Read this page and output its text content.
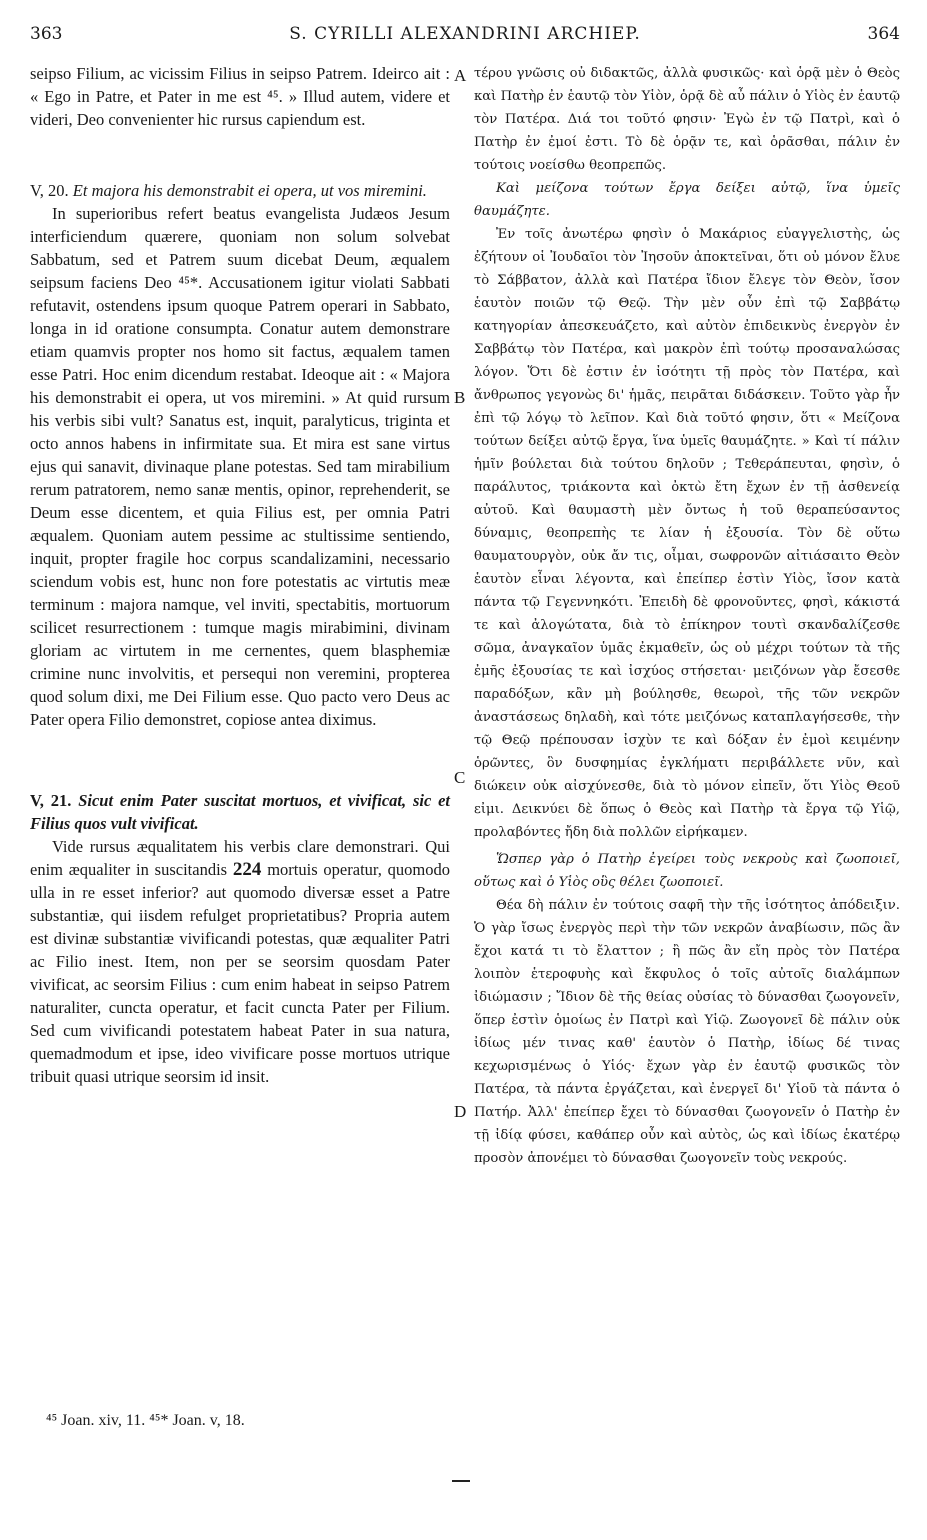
363	S. CYRILLI ALEXANDRINI ARCHIEP.	364

seipso Filium, ac vicissim Filius in seipso Patrem. Ideirco ait : « Ego in Patre, et Pater in me est ⁴⁵. » Illud autem, videre et videri, Deo convenienter hic rursus capiendum est.

V, 20. Et majora his demonstrabit ei opera, ut vos miremini.

In superioribus refert beatus evangelista Judæos Jesum interficiendum quærere, quoniam non solum solvebat Sabbatum, sed et Patrem suum dicebat Deum, æqualem seipsum faciens Deo ⁴⁵*. Accusationem igitur violati Sabbati refutavit, ostendens ipsum quoque Patrem operari in Sabbato, longa in id oratione consumpta. Conatur autem demonstrare etiam quamvis propter nos homo sit factus, æqualem tamen esse Patri. Hoc enim dicendum restabat. Ideoque ait : « Majora his demonstrabit ei opera, ut vos miremini. » At quid rursum his verbis sibi vult? Sanatus est, inquit, paralyticus, triginta et octo annos habens in infirmitate sua. Et mira est sane virtus ejus qui sanavit, divinaque plane potestas. Sed tam mirabilium rerum patratorem, nemo sanæ mentis, opinor, reprehenderit, se Deum esse dicentem, et quia Filius est, per omnia Patri æqualem. Quoniam autem pessime ac stultissime sentiendo, inquit, propter fragile hoc corpus scandalizamini, necessario sciendum vobis est, hunc non fore potestatis ac virtutis meæ terminum : majora namque, vel inviti, spectabitis, mortuorum scilicet resurrectionem : tumque magis mirabimini, divinam gloriam ac virtutem in me cernentes, quem blasphemiæ crimine nunc involvitis, et persequi non veremini, propterea quod solum dixi, me Dei Filium esse. Quo pacto vero Deus ac Pater opera Filio demonstret, copiose antea diximus.

V, 21. Sicut enim Pater suscitat mortuos, et vivificat, sic et Filius quos vult vivificat.

Vide rursus æqualitatem his verbis clare demonstrari. Qui enim æqualiter in suscitandis 224 mortuis operatur, quomodo ulla in re esset inferior? aut quomodo diversæ esset a Patre substantiæ, qui iisdem refulget proprietatibus? Propria autem est divinæ substantiæ vivificandi potestas, quæ æqualiter Patri ac Filio inest. Item, non per se seorsim quosdam Pater vivificat, ac seorsim Filius : cum enim habeat in seipso Patrem naturaliter, cuncta operatur, et facit cuncta Pater per Filium. Sed cum vivificandi potestatem habeat Pater in sua natura, quemadmodum et ipse, ideo vivificare posse mortuos utrique tribuit quasi utrique seorsim id insit.

A
B
C
D

τέρου γνῶσις οὐ διδακτῶς, ἀλλὰ φυσικῶς· καὶ ὁρᾷ μὲν ὁ Θεὸς καὶ Πατὴρ ἐν ἑαυτῷ τὸν Υἱὸν, ὁρᾷ δὲ αὖ πάλιν ὁ Υἱὸς ἐν ἑαυτῷ τὸν Πατέρα. Διά τοι τοῦτό φησιν· Ἐγὼ ἐν τῷ Πατρὶ, καὶ ὁ Πατὴρ ἐν ἐμοί ἐστι. Τὸ δὲ ὁρᾷν τε, καὶ ὁρᾶσθαι, πάλιν ἐν τούτοις νοείσθω θεοπρεπῶς.

Καὶ μείζονα τούτων ἔργα δείξει αὐτῷ, ἵνα ὑμεῖς θαυμάζητε.

Ἐν τοῖς ἀνωτέρω φησὶν ὁ Μακάριος εὐαγγελιστὴς, ὡς ἐζήτουν οἱ Ἰουδαῖοι τὸν Ἰησοῦν ἀποκτεῖναι, ὅτι οὐ μόνον ἔλυε τὸ Σάββατον, ἀλλὰ καὶ Πατέρα ἴδιον ἔλεγε τὸν Θεὸν, ἴσον ἑαυτὸν ποιῶν τῷ Θεῷ. Τὴν μὲν οὖν ἐπὶ τῷ Σαββάτῳ κατηγορίαν ἀπεσκευάζετο, καὶ αὐτὸν ἐπιδεικνὺς ἐνεργὸν ἐν Σαββάτῳ τὸν Πατέρα, καὶ μακρὸν ἐπὶ τούτῳ προσαναλώσας λόγον. Ὅτι δὲ ἐστιν ἐν ἰσότητι τῇ πρὸς τὸν Πατέρα, καὶ ἄνθρωπος γεγονὼς δι' ἡμᾶς, πειρᾶται διδάσκειν. Τοῦτο γὰρ ἦν ἐπὶ τῷ λόγῳ τὸ λεῖπον. Καὶ διὰ τοῦτό φησιν, ὅτι « Μείζονα τούτων δείξει αὐτῷ ἔργα, ἵνα ὑμεῖς θαυμάζητε. » Καὶ τί πάλιν ἡμῖν βούλεται διὰ τούτου δηλοῦν ; Τεθεράπευται, φησὶν, ὁ παράλυτος, τριάκοντα καὶ ὀκτὼ ἔτη ἔχων ἐν τῇ ἀσθενείᾳ αὐτοῦ. Καὶ θαυμαστὴ μὲν ὄντως ἡ τοῦ θεραπεύσαντος δύναμις, θεοπρεπὴς τε λίαν ἡ ἐξουσία. Τὸν δὲ οὕτω θαυματουργὸν, οὐκ ἄν τις, οἶμαι, σωφρονῶν αἰτιάσαιτο Θεὸν ἑαυτὸν εἶναι λέγοντα, καὶ ἐπείπερ ἐστὶν Υἱὸς, ἴσον κατὰ πάντα τῷ Γεγεννηκότι. Ἐπειδὴ δὲ φρονοῦντες, φησὶ, κάκιστά τε καὶ ἀλογώτατα, διὰ τὸ ἐπίκηρον τουτὶ σκανδαλίζεσθε σῶμα, ἀναγκαῖον ὑμᾶς ἐκμαθεῖν, ὡς οὐ μέχρι τούτων τὰ τῆς ἐμῆς ἐξουσίας τε καὶ ἰσχύος στήσεται· μειζόνων γὰρ ἔσεσθε παραδόξων, κἂν μὴ βούλησθε, θεωροὶ, τῆς τῶν νεκρῶν ἀναστάσεως δηλαδὴ, καὶ τότε μειζόνως καταπλαγήσεσθε, τὴν τῷ Θεῷ πρέπουσαν ἰσχὺν τε καὶ δόξαν ἐν ἐμοὶ κειμένην ὁρῶντες, ὃν δυσφημίας ἐγκλήματι περιβάλλετε νῦν, καὶ διώκειν οὐκ αἰσχύνεσθε, διὰ τὸ μόνον εἰπεῖν, ὅτι Υἱὸς Θεοῦ εἰμι. Δεικνύει δὲ ὅπως ὁ Θεὸς καὶ Πατὴρ τὰ ἔργα τῷ Υἱῷ, προλαβόντες ἤδη διὰ πολλῶν εἰρήκαμεν.

Ὥσπερ γὰρ ὁ Πατὴρ ἐγείρει τοὺς νεκροὺς καὶ ζωοποιεῖ, οὕτως καὶ ὁ Υἱὸς οὓς θέλει ζωοποιεῖ.

Θέα δὴ πάλιν ἐν τούτοις σαφῆ τὴν τῆς ἰσότητος ἀπόδειξιν. Ὁ γὰρ ἴσως ἐνεργὸς περὶ τὴν τῶν νεκρῶν ἀναβίωσιν, πῶς ἂν ἔχοι κατά τι τὸ ἔλαττον ; ἢ πῶς ἂν εἴη πρὸς τὸν Πατέρα λοιπὸν ἑτεροφυὴς καὶ ἔκφυλος ὁ τοῖς αὐτοῖς διαλάμπων ἰδιώμασιν ; Ἴδιον δὲ τῆς θείας οὐσίας τὸ δύνασθαι ζωογονεῖν, ὅπερ ἐστὶν ὁμοίως ἐν Πατρὶ καὶ Υἱῷ. Ζωογονεῖ δὲ πάλιν οὐκ ἰδίως μέν τινας καθ' ἑαυτὸν ὁ Πατὴρ, ἰδίως δέ τινας κεχωρισμένως ὁ Υἱός· ἔχων γὰρ ἐν ἑαυτῷ φυσικῶς τὸν Πατέρα, τὰ πάντα ἐργάζεται, καὶ ἐνεργεῖ δι' Υἱοῦ τὰ πάντα ὁ Πατήρ. Ἀλλ' ἐπείπερ ἔχει τὸ δύνασθαι ζωογονεῖν ὁ Πατὴρ ἐν τῇ ἰδίᾳ φύσει, καθάπερ οὖν καὶ αὐτὸς, ὡς καὶ ἰδίως ἑκατέρῳ προσὸν ἀπονέμει τὸ δύνασθαι ζωογονεῖν τοὺς νεκρούς.

⁴⁵ Joan. xiv, 11. ⁴⁵* Joan. v, 18.
